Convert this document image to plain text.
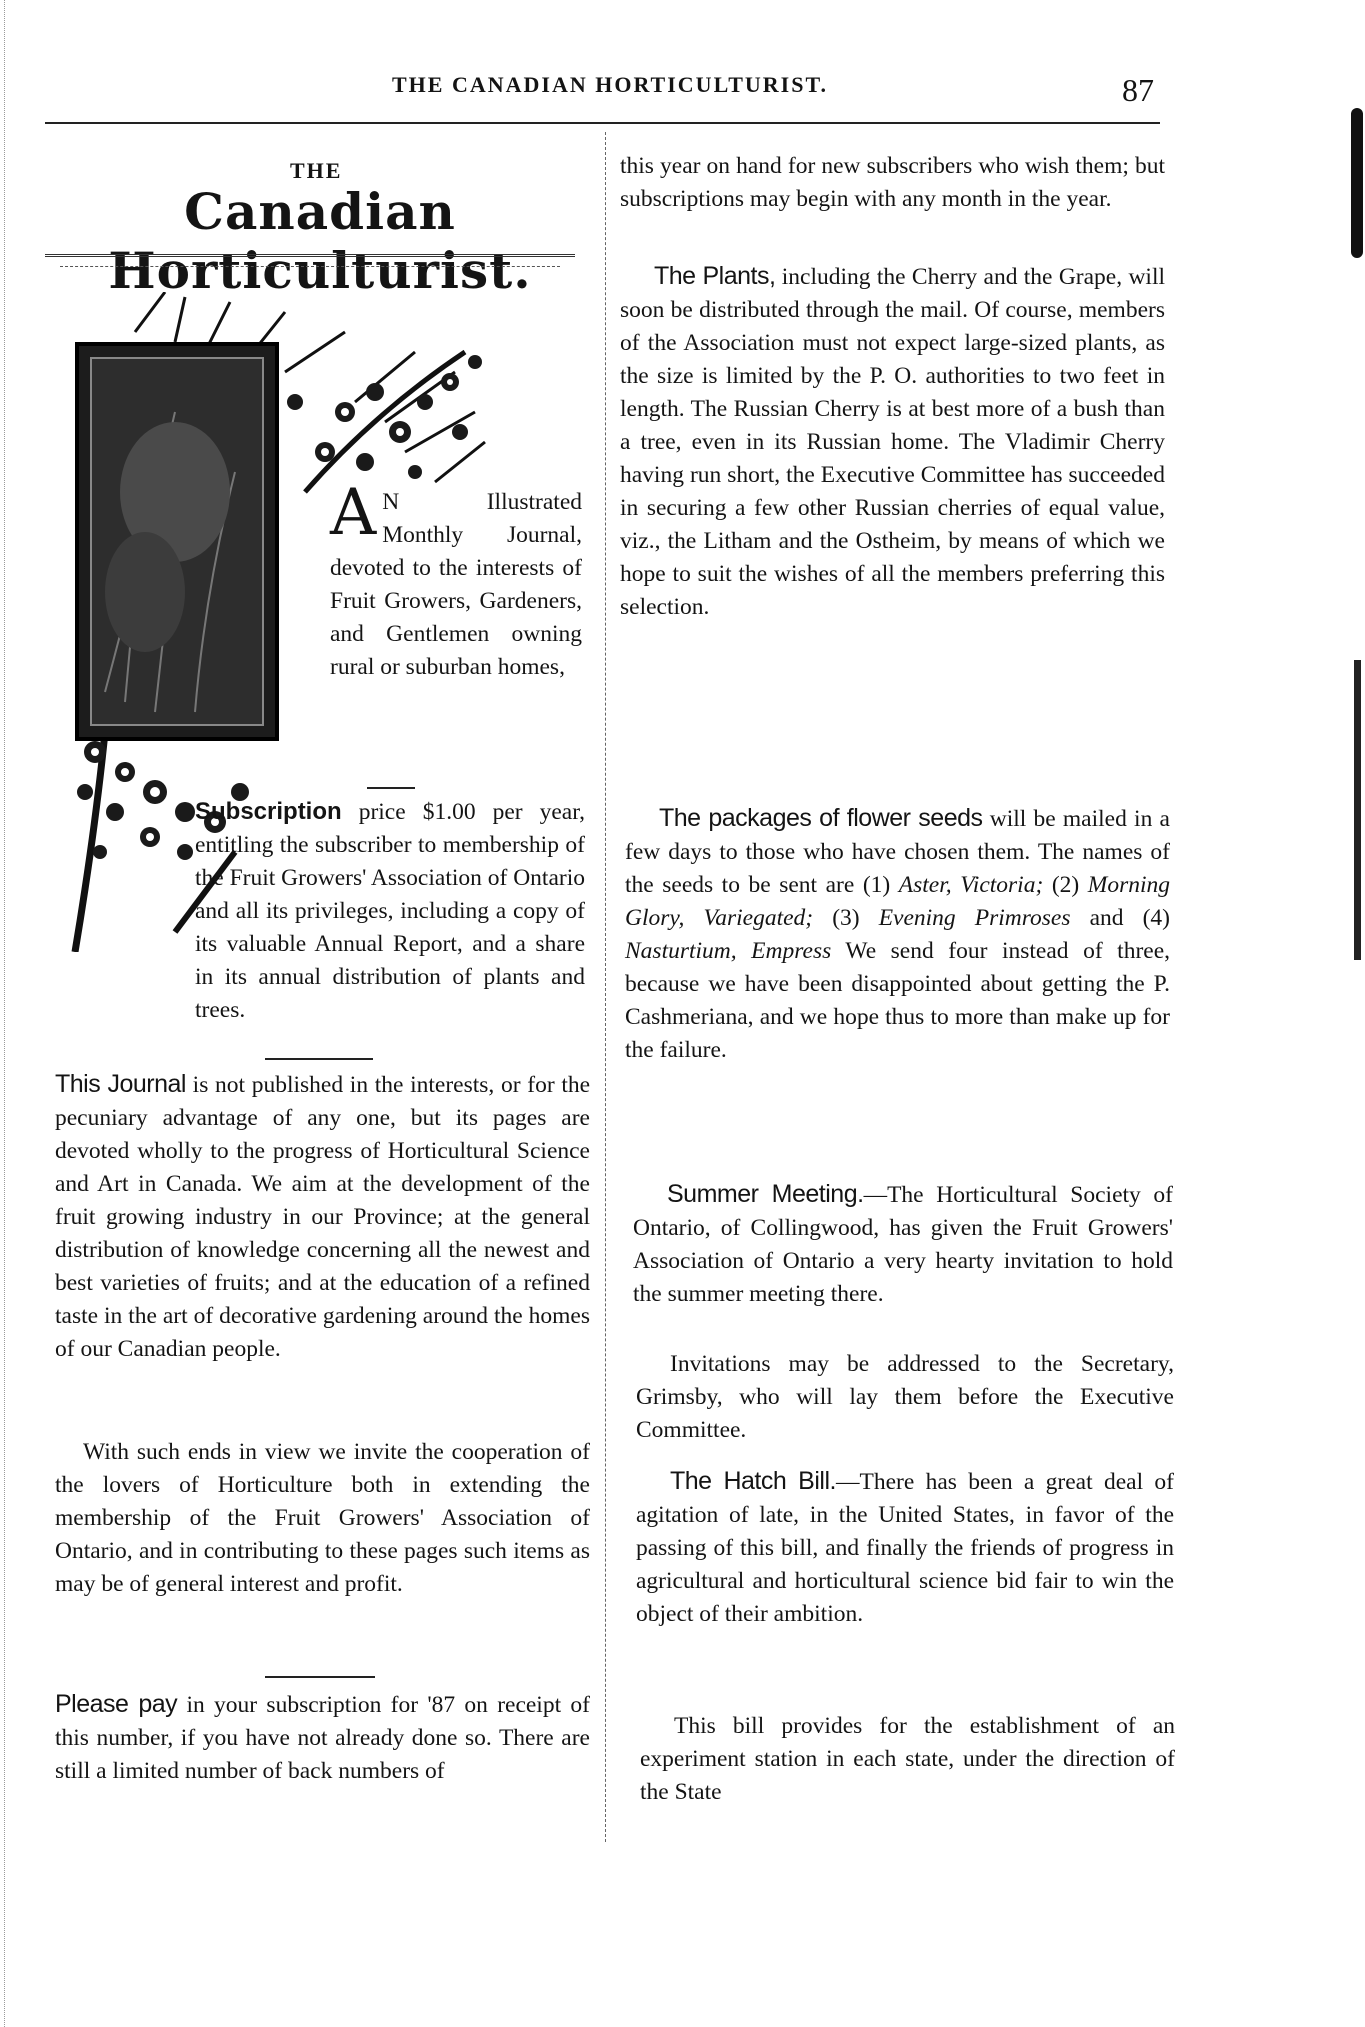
THE CANADIAN HORTICULTURIST.	87
THE
Canadian Horticulturist.

A N Illustrated Monthly Journal, devoted to the interests of Fruit Growers, Gardeners, and Gentlemen owning rural or suburban homes,

Subscription price $1.00 per year, entitling the subscriber to membership of the Fruit Growers' Association of Ontario and all its privileges, including a copy of its valuable Annual Report, and a share in its annual distribution of plants and trees.

This Journal is not published in the interests, or for the pecuniary advantage of any one, but its pages are devoted wholly to the progress of Horticultural Science and Art in Canada. We aim at the development of the fruit growing industry in our Province; at the general distribution of knowledge concerning all the newest and best varieties of fruits; and at the education of a refined taste in the art of decorative gardening around the homes of our Canadian people.

With such ends in view we invite the cooperation of the lovers of Horticulture both in extending the membership of the Fruit Growers' Association of Ontario, and in contributing to these pages such items as may be of general interest and profit.

Please pay in your subscription for '87 on receipt of this number, if you have not already done so. There are still a limited number of back numbers of

this year on hand for new subscribers who wish them; but subscriptions may begin with any month in the year.

The Plants, including the Cherry and the Grape, will soon be distributed through the mail. Of course, members of the Association must not expect large-sized plants, as the size is limited by the P. O. authorities to two feet in length. The Russian Cherry is at best more of a bush than a tree, even in its Russian home. The Vladimir Cherry having run short, the Executive Committee has succeeded in securing a few other Russian cherries of equal value, viz., the Litham and the Ostheim, by means of which we hope to suit the wishes of all the members preferring this selection.

The packages of flower seeds will be mailed in a few days to those who have chosen them. The names of the seeds to be sent are (1) Aster, Victoria; (2) Morning Glory, Variegated; (3) Evening Primroses and (4) Nasturtium, Empress We send four instead of three, because we have been disappointed about getting the P. Cashmeriana, and we hope thus to more than make up for the failure.

Summer Meeting.—The Horticultural Society of Ontario, of Collingwood, has given the Fruit Growers' Association of Ontario a very hearty invitation to hold the summer meeting there.

Invitations may be addressed to the Secretary, Grimsby, who will lay them before the Executive Committee.

The Hatch Bill.—There has been a great deal of agitation of late, in the United States, in favor of the passing of this bill, and finally the friends of progress in agricultural and horticultural science bid fair to win the object of their ambition.

This bill provides for the establishment of an experiment station in each state, under the direction of the State
